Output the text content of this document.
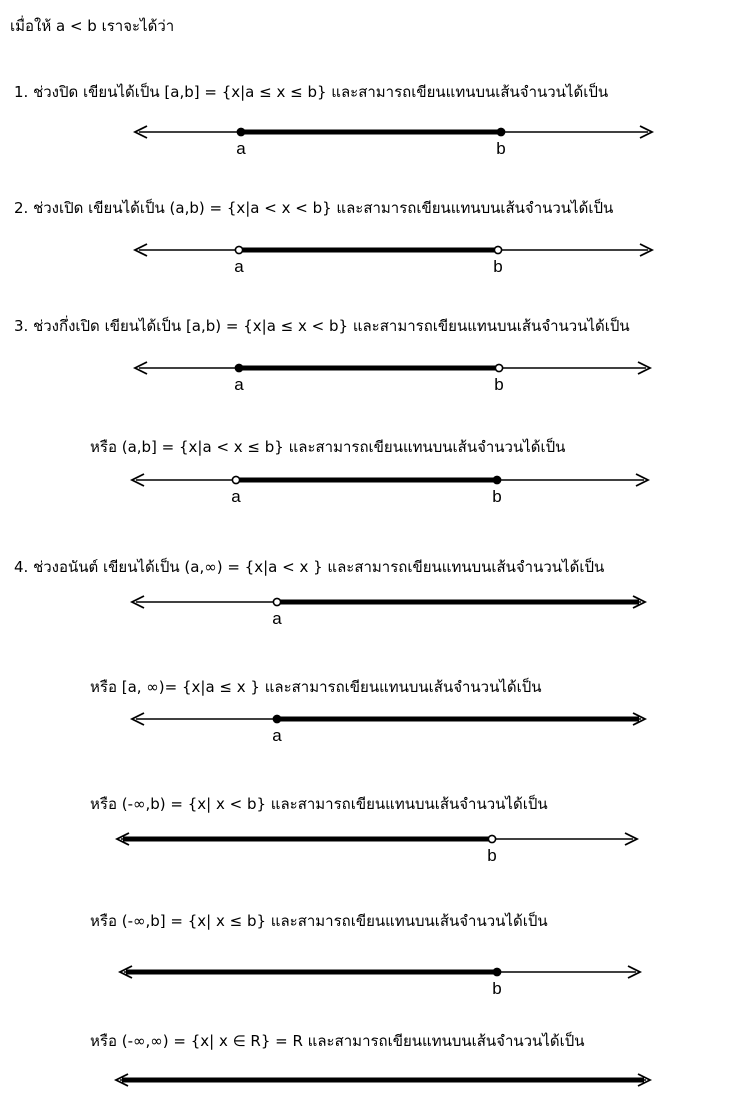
เมื่อให้ a < b เราจะได้ว่า
1. ช่วงปิด เขียนได้เป็น [a,b] = {x|a ≤ x ≤ b} และสามารถเขียนแทนบนเส้นจำนวนได้เป็น
a	b
2. ช่วงเปิด เขียนได้เป็น (a,b) = {x|a < x < b} และสามารถเขียนแทนบนเส้นจำนวนได้เป็น
a	b
3. ช่วงกึ่งเปิด เขียนได้เป็น [a,b) = {x|a ≤ x < b} และสามารถเขียนแทนบนเส้นจำนวนได้เป็น
a	b
หรือ (a,b] = {x|a < x ≤ b} และสามารถเขียนแทนบนเส้นจำนวนได้เป็น
a	b
4. ช่วงอนันต์ เขียนได้เป็น (a,∞) = {x|a < x } และสามารถเขียนแทนบนเส้นจำนวนได้เป็น
a
หรือ [a, ∞)= {x|a ≤ x } และสามารถเขียนแทนบนเส้นจำนวนได้เป็น
a
หรือ (-∞,b) = {x| x < b} และสามารถเขียนแทนบนเส้นจำนวนได้เป็น
b
หรือ (-∞,b] = {x| x ≤ b} และสามารถเขียนแทนบนเส้นจำนวนได้เป็น
b
หรือ (-∞,∞) = {x| x ∈ R} = R และสามารถเขียนแทนบนเส้นจำนวนได้เป็น
